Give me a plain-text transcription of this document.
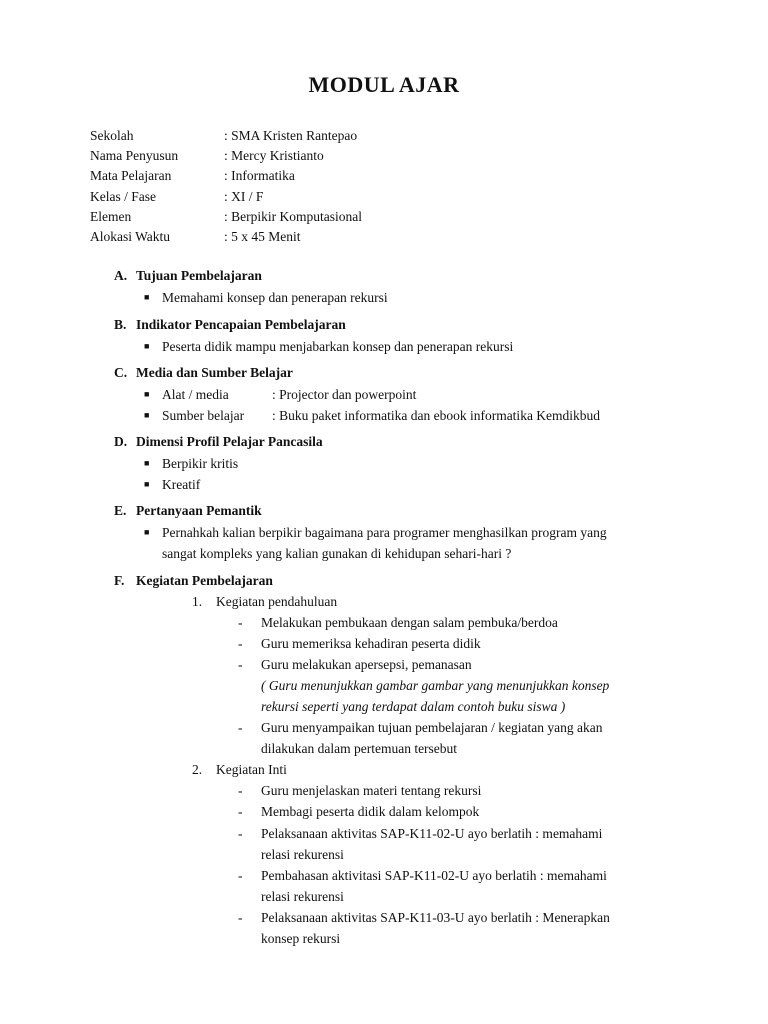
MODUL AJAR
Sekolah	: SMA Kristen Rantepao
Nama Penyusun	: Mercy Kristianto
Mata Pelajaran	: Informatika
Kelas / Fase	: XI / F
Elemen	: Berpikir Komputasional
Alokasi Waktu	: 5 x 45 Menit
A. Tujuan Pembelajaran
■ Memahami konsep dan penerapan rekursi
B. Indikator Pencapaian Pembelajaran
■ Peserta didik mampu menjabarkan konsep dan penerapan rekursi
C. Media dan Sumber Belajar
■ Alat / media	: Projector dan powerpoint
■ Sumber belajar : Buku paket informatika dan ebook informatika Kemdikbud
D. Dimensi Profil Pelajar Pancasila
■ Berpikir kritis
■ Kreatif
E. Pertanyaan Pemantik
■ Pernahkah kalian berpikir bagaimana para programer menghasilkan program yang
sangat kompleks yang kalian gunakan di kehidupan sehari-hari ?
F. Kegiatan Pembelajaran
1. Kegiatan pendahuluan
- Melakukan pembukaan dengan salam pembuka/berdoa
- Guru memeriksa kehadiran peserta didik
- Guru melakukan apersepsi, pemanasan
( Guru menunjukkan gambar gambar yang menunjukkan konsep
rekursi seperti yang terdapat dalam contoh buku siswa )
- Guru menyampaikan tujuan pembelajaran / kegiatan yang akan
dilakukan dalam pertemuan tersebut
2. Kegiatan Inti
- Guru menjelaskan materi tentang rekursi
- Membagi peserta didik dalam kelompok
- Pelaksanaan aktivitas SAP-K11-02-U ayo berlatih : memahami
relasi rekurensi
- Pembahasan aktivitasi SAP-K11-02-U ayo berlatih : memahami
relasi rekurensi
- Pelaksanaan aktivitas SAP-K11-03-U ayo berlatih : Menerapkan
konsep rekursi
